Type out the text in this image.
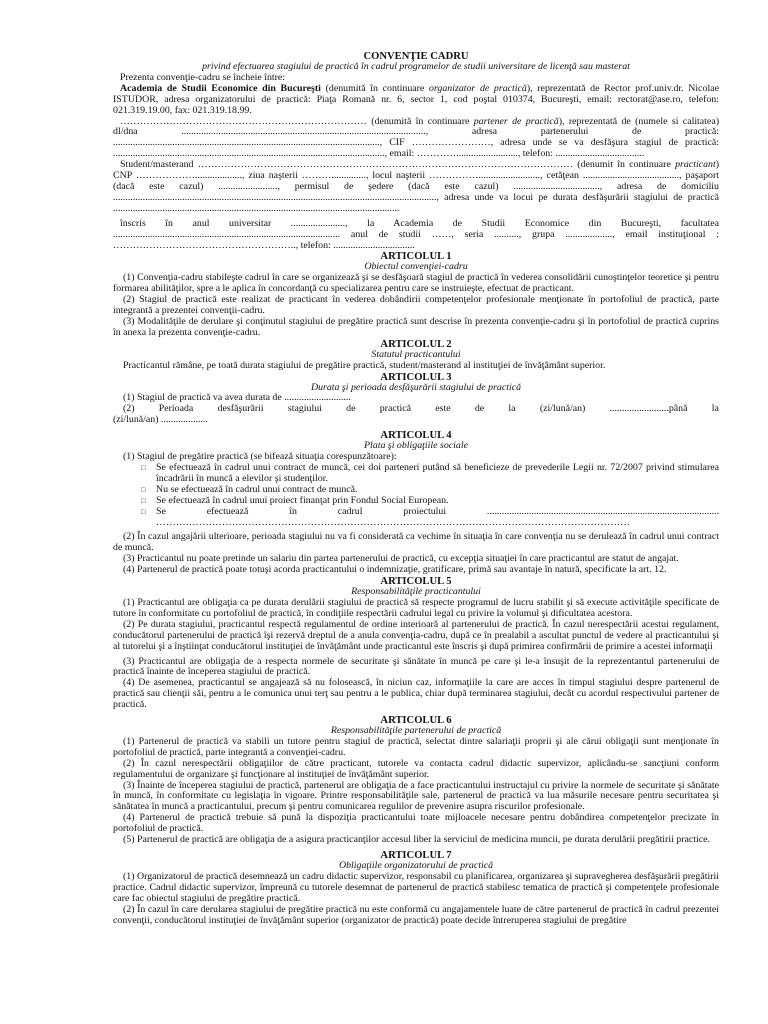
CONVENŢIE CADRU

privind efectuarea stagiului de practică în cadrul programelor de studii universitare de licenţă sau masterat

Prezenta convenţie-cadru se încheie între:

Academia de Studii Economice din Bucureşti (denumită în continuare organizator de practică), reprezentată de Rector prof.univ.dr. Nicolae ISTUDOR, adresa organizatorului de practică: Piaţa Romană nr. 6, sector 1, cod poştal 010374, Bucureşti, email: rectorat@ase.ro, telefon: 021.319.19.00, fax: 021.319.18.99.

………………………………………………………………… (denumită în continuare partener de practică), reprezentată de (numele si calitatea) dl/dna ..................................................................................................., adresa partenerului de practică: ............................................................................................................, CIF ……………………, adresa unde se va desfăşura stagiul de practică: .............................................................................................................., email: …………........................., telefon: ....................................

Student/masterand …………………………………………………………………………………………………… (denumit în continuare practicant) CNP ………………..................., ziua naşterii ……….............., locul naşterii ……………........................., cetăţean ......................................., paşaport (dacă este cazul) ........................, permisul de şedere (dacă este cazul) ..................................., adresa de domiciliu ..................................................................................................................................., adresa unde va locui pe durata desfăşurării stagiului de practică ....................................................................................................................

înscris în anul universitar ......................, la Academia de Studii Economice din Bucureşti, facultatea ............................................................................................ anul de studii ……, seria .........., grupa ..................., email instituţional : ……………………………………………….., telefon: .................................

ARTICOLUL 1

Obiectul convenţiei-cadru

(1) Convenţia-cadru stabileşte cadrul în care se organizează şi se desfăşoară stagiul de practică în vederea consolidării cunoştinţelor teoretice şi pentru formarea abilităţilor, spre a le aplica în concordanţă cu specializarea pentru care se instruieşte, efectuat de practicant.

(2) Stagiul de practică este realizat de practicant în vederea dobândirii competenţelor profesionale menţionate în portofoliul de practică, parte integrantă a prezentei convenţii-cadru.

(3) Modalităţile de derulare şi conţinutul stagiului de pregătire practică sunt descrise în prezenta convenţie-cadru şi în portofoliul de practică cuprins în anexa la prezenta convenţie-cadru.

ARTICOLUL 2

Statutul practicantului

Practicantul rămâne, pe toată durata stagiului de pregătire practică, student/masterand al instituţiei de învăţământ superior.

ARTICOLUL 3

Durata şi perioada desfăşurării stagiului de practică

(1) Stagiul de practică va avea durata de ...........................

(2) Perioada desfăşurării stagiului de practică este de la (zi/lună/an) ........................până la

(zi/lună/an) ...................

ARTICOLUL 4

Plata şi obligaţiile sociale

(1) Stagiul de pregătire practică (se bifează situaţia corespunzătoare):

□ Se efectuează în cadrul unui contract de muncă, cei doi parteneri putând să beneficieze de prevederile Legii nr. 72/2007 privind stimularea încadrării în muncă a elevilor şi studenţilor.

□ Nu se efectuează în cadrul unui contract de muncă.

□ Se efectuează în cadrul unui proiect finanţat prin Fondul Social European.

□ Se efectuează în cadrul proiectului ..............................................................................................

………………………………………………………………………………………………………………………………

(2) În cazul angajării ulterioare, perioada stagiului nu va fi considerată ca vechime în situaţia în care convenţia nu se derulează în cadrul unui contract de muncă.

(3) Practicantul nu poate pretinde un salariu din partea partenerului de practică, cu excepţia situaţiei în care practicantul are statut de angajat.

(4) Partenerul de practică poate totuşi acorda practicantului o indemnizaţie, gratificare, primă sau avantaje în natură, specificate la art. 12.

ARTICOLUL 5

Responsabilităţile practicantului

(1) Practicantul are obligaţia ca pe durata derulării stagiului de practică să respecte programul de lucru stabilit şi să execute activităţile specificate de tutore în conformitate cu portofoliul de practică, în condiţiile respectării cadrului legal cu privire la volumul şi dificultatea acestora.

(2) Pe durata stagiului, practicantul respectă regulamentul de ordine interioară al partenerului de practică. În cazul nerespectării acestui regulament, conducătorul partenerului de practică îşi rezervă dreptul de a anula convenţia-cadru, după ce în prealabil a ascultat punctul de vedere al practicantului şi al tutorelui şi a înştiinţat conducătorul instituţiei de învăţământ unde practicantul este înscris şi după primirea confirmării de primire a acestei informaţii

(3) Practicantul are obligaţia de a respecta normele de securitate şi sănătate în muncă pe care şi le-a însuşit de la reprezentantul partenerului de practică înainte de începerea stagiului de practică.

(4) De asemenea, practicantul se angajează să nu folosească, în niciun caz, informaţiile la care are acces în timpul stagiului despre partenerul de practică sau clienţii săi, pentru a le comunica unui terţ sau pentru a le publica, chiar după terminarea stagiului, decât cu acordul respectivului partener de practică.

ARTICOLUL 6

Responsabilităţile partenerului de practică

(1) Partenerul de practică va stabili un tutore pentru stagiul de practică, selectat dintre salariaţii proprii şi ale cărui obligaţii sunt menţionate în portofoliul de practică, parte integrantă a convenţiei-cadru.

(2) În cazul nerespectării obligaţiilor de către practicant, tutorele va contacta cadrul didactic supervizor, aplicându-se sancţiuni conform regulamentului de organizare şi funcţionare al instituţiei de învăţământ superior.

(3) Înainte de începerea stagiului de practică, partenerul are obligaţia de a face practicantului instructajul cu privire la normele de securitate şi sănătate în muncă, în conformitate cu legislaţia în vigoare. Printre responsabilităţile sale, partenerul de practică va lua măsurile necesare pentru securitatea şi sănătatea în muncă a practicantului, precum şi pentru comunicarea regulilor de prevenire asupra riscurilor profesionale.

(4) Partenerul de practică trebuie să pună la dispoziţia practicantului toate mijloacele necesare pentru dobândirea competenţelor precizate în portofoliul de practică.

(5) Partenerul de practică are obligaţia de a asigura practicanţilor accesul liber la serviciul de medicina muncii, pe durata derulării pregătirii practice.

ARTICOLUL 7

Obligaţiile organizatorului de practică

(1) Organizatorul de practică desemnează un cadru didactic supervizor, responsabil cu planificarea, organizarea şi supravegherea desfăşurării pregătirii practice. Cadrul didactic supervizor, împreună cu tutorele desemnat de partenerul de practică stabilesc tematica de practică şi competenţele profesionale care fac obiectul stagiului de pregătire practică.

(2) În cazul în care derularea stagiului de pregătire practică nu este conformă cu angajamentele luate de către partenerul de practică în cadrul prezentei convenţii, conducătorul instituţiei de învăţământ superior (organizator de practică) poate decide întreruperea stagiului de pregătire
